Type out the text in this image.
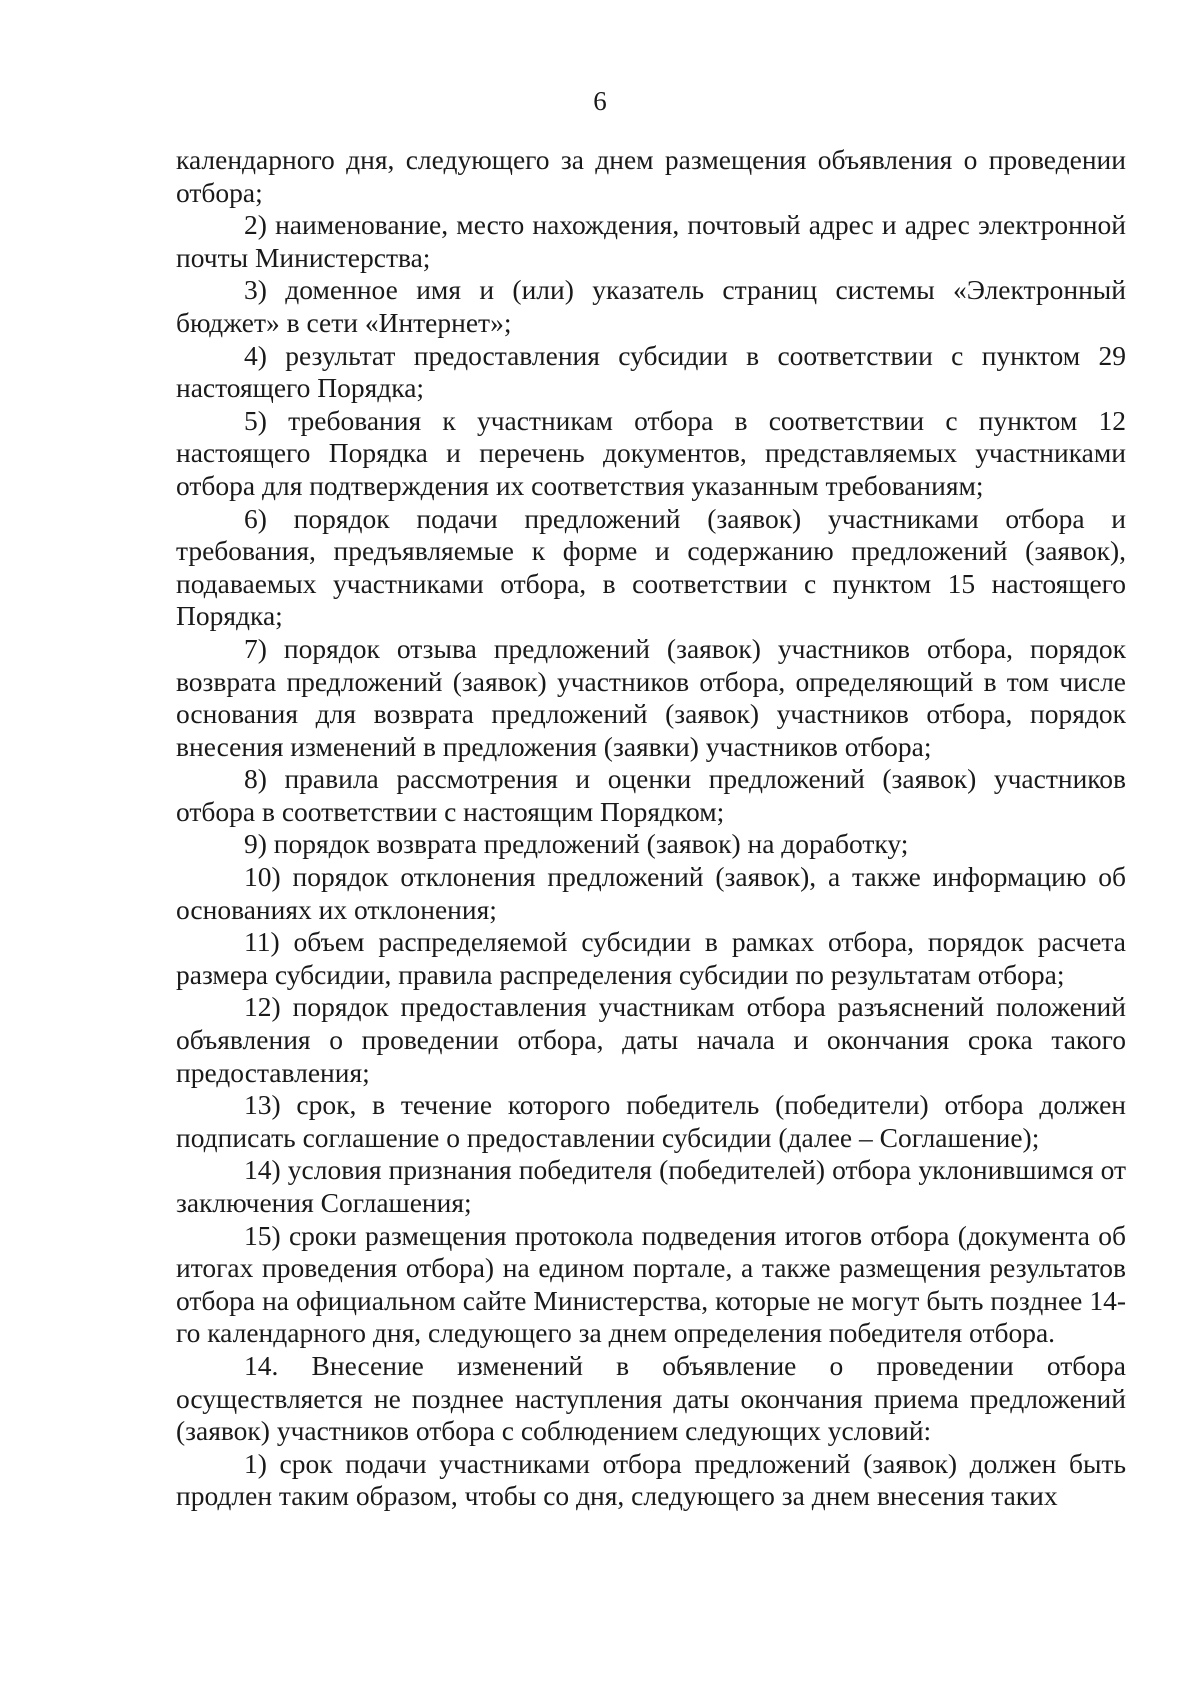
6

календарного дня, следующего за днем размещения объявления о проведении отбора;

2) наименование, место нахождения, почтовый адрес и адрес электронной почты Министерства;

3) доменное имя и (или) указатель страниц системы «Электронный бюджет» в сети «Интернет»;

4) результат предоставления субсидии в соответствии с пунктом 29 настоящего Порядка;

5) требования к участникам отбора в соответствии с пунктом 12 настоящего Порядка и перечень документов, представляемых участниками отбора для подтверждения их соответствия указанным требованиям;

6) порядок подачи предложений (заявок) участниками отбора и требования, предъявляемые к форме и содержанию предложений (заявок), подаваемых участниками отбора, в соответствии с пунктом 15 настоящего Порядка;

7) порядок отзыва предложений (заявок) участников отбора, порядок возврата предложений (заявок) участников отбора, определяющий в том числе основания для возврата предложений (заявок) участников отбора, порядок внесения изменений в предложения (заявки) участников отбора;

8) правила рассмотрения и оценки предложений (заявок) участников отбора в соответствии с настоящим Порядком;

9) порядок возврата предложений (заявок) на доработку;

10) порядок отклонения предложений (заявок), а также информацию об основаниях их отклонения;

11) объем распределяемой субсидии в рамках отбора, порядок расчета размера субсидии, правила распределения субсидии по результатам отбора;

12) порядок предоставления участникам отбора разъяснений положений объявления о проведении отбора, даты начала и окончания срока такого предоставления;

13) срок, в течение которого победитель (победители) отбора должен подписать соглашение о предоставлении субсидии (далее – Соглашение);

14) условия признания победителя (победителей) отбора уклонившимся от заключения Соглашения;

15) сроки размещения протокола подведения итогов отбора (документа об итогах проведения отбора) на едином портале, а также размещения результатов отбора на официальном сайте Министерства, которые не могут быть позднее 14-го календарного дня, следующего за днем определения победителя отбора.

14. Внесение изменений в объявление о проведении отбора осуществляется не позднее наступления даты окончания приема предложений (заявок) участников отбора с соблюдением следующих условий:

1) срок подачи участниками отбора предложений (заявок) должен быть продлен таким образом, чтобы со дня, следующего за днем внесения таких
